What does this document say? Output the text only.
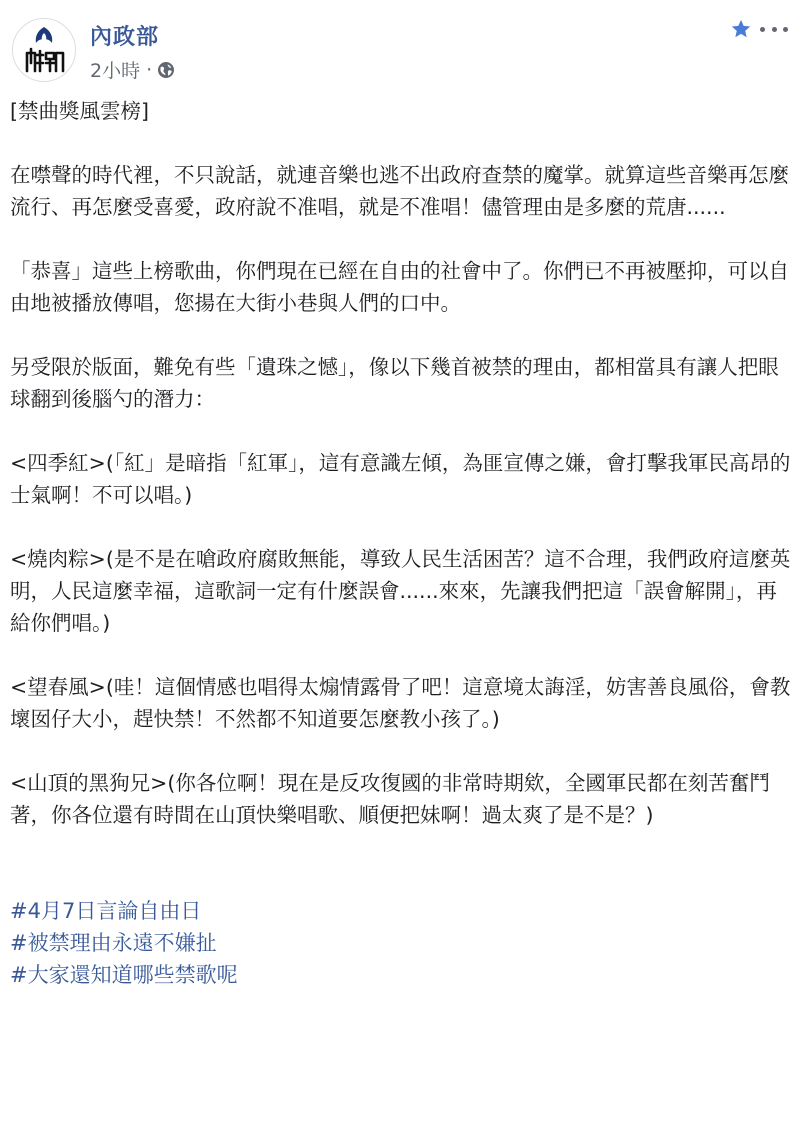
內政部
2小時 ·

[禁曲獎風雲榜]

在噤聲的時代裡，不只說話，就連音樂也逃不出政府查禁的魔掌。就算這些音樂再怎麼流行、再怎麼受喜愛，政府說不准唱，就是不准唱！儘管理由是多麼的荒唐......

「恭喜」這些上榜歌曲，你們現在已經在自由的社會中了。你們已不再被壓抑，可以自由地被播放傳唱，您揚在大街小巷與人們的口中。

另受限於版面，難免有些「遺珠之憾」，像以下幾首被禁的理由，都相當具有讓人把眼球翻到後腦勺的潛力：

<四季紅>(「紅」是暗指「紅軍」，這有意識左傾，為匪宣傳之嫌，會打擊我軍民高昂的士氣啊！不可以唱。)

<燒肉粽>(是不是在嗆政府腐敗無能，導致人民生活困苦？這不合理，我們政府這麼英明，人民這麼幸福，這歌詞一定有什麼誤會......來來，先讓我們把這「誤會解開」，再給你們唱。)

<望春風>(哇！這個情感也唱得太煽情露骨了吧！這意境太誨淫，妨害善良風俗，會教壞囡仔大小，趕快禁！不然都不知道要怎麼教小孩了。)

<山頂的黑狗兄>(你各位啊！現在是反攻復國的非常時期欸，全國軍民都在刻苦奮鬥著，你各位還有時間在山頂快樂唱歌、順便把妹啊！過太爽了是不是？)

#4月7日言論自由日
#被禁理由永遠不嫌扯
#大家還知道哪些禁歌呢
